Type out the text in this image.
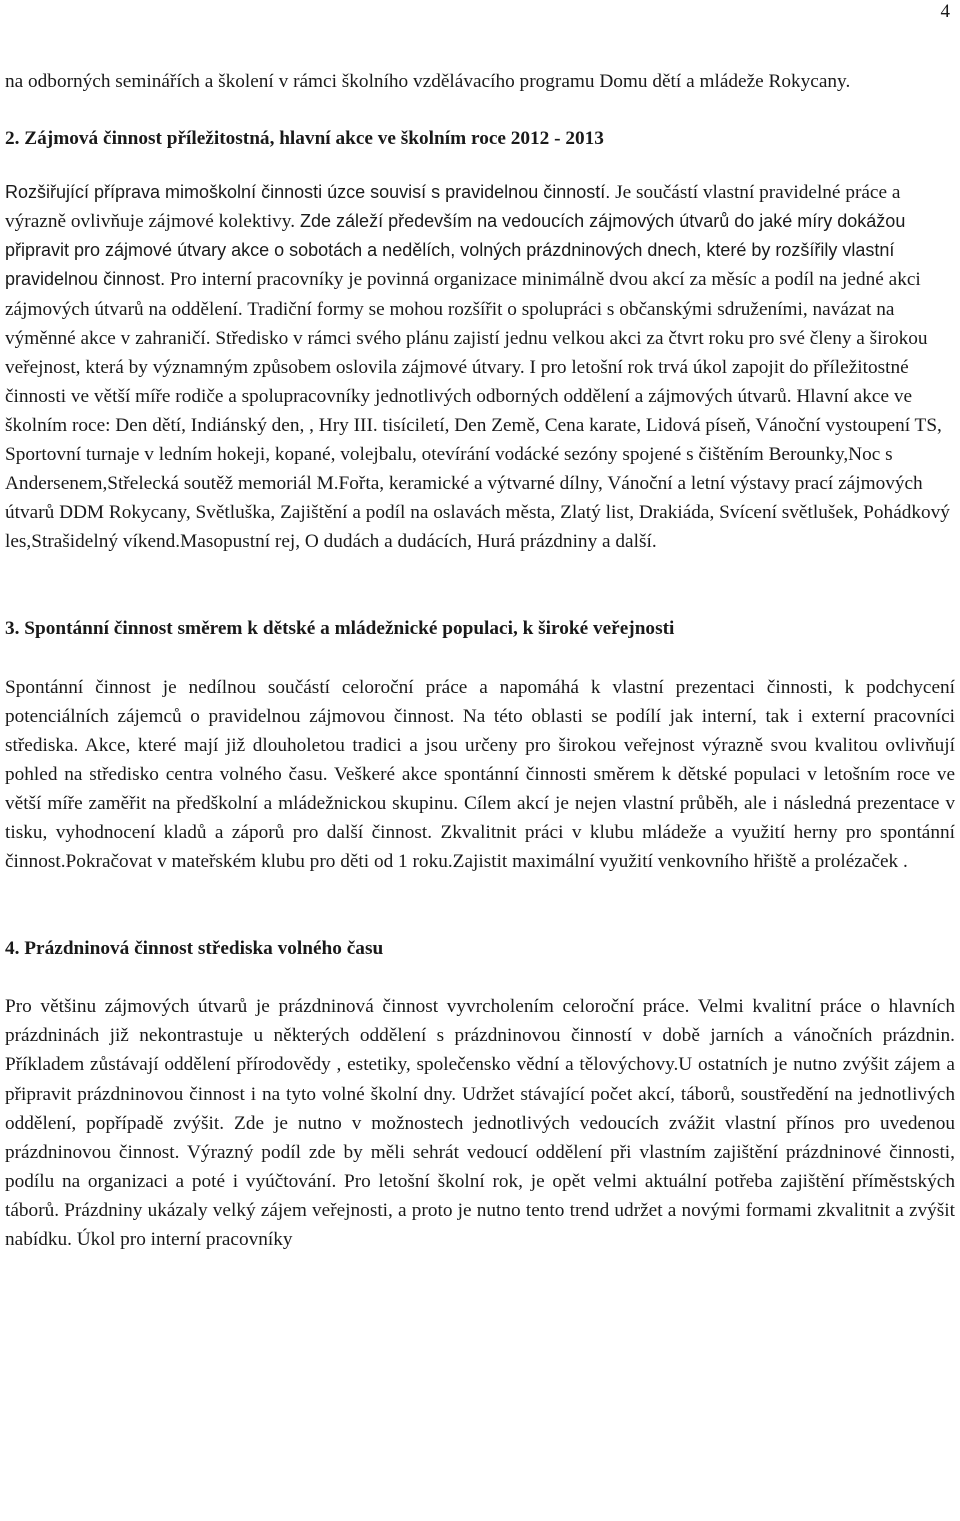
4

na odborných seminářích a školení v rámci školního vzdělávacího programu Domu dětí a mládeže Rokycany.

2. Zájmová činnost příležitostná, hlavní akce ve školním roce 2012 - 2013

Rozšiřující příprava mimoškolní činnosti úzce souvisí s pravidelnou činností. Je součástí vlastní pravidelné práce a výrazně ovlivňuje zájmové kolektivy. Zde záleží především na vedoucích zájmových útvarů do jaké míry dokážou připravit pro zájmové útvary akce o sobotách a nedělích, volných prázdninových dnech, které by rozšířily vlastní pravidelnou činnost. Pro interní pracovníky je povinná organizace minimálně dvou akcí za měsíc a podíl na jedné akci zájmových útvarů na oddělení. Tradiční formy se mohou rozšířit o spolupráci s občanskými sdruženími, navázat na výměnné akce v zahraničí. Středisko v rámci svého plánu zajistí jednu velkou akci za čtvrt roku pro své členy a širokou veřejnost, která by významným způsobem oslovila zájmové útvary. I pro letošní rok trvá úkol zapojit do příležitostné činnosti ve větší míře rodiče a spolupracovníky jednotlivých odborných oddělení a zájmových útvarů. Hlavní akce ve školním roce: Den dětí, Indiánský den, , Hry III. tisíciletí, Den Země, Cena karate, Lidová píseň, Vánoční vystoupení TS, Sportovní turnaje v ledním hokeji, kopané, volejbalu, otevírání vodácké sezóny spojené s čištěním Berounky,Noc s Andersenem,Střelecká soutěž memoriál M.Fořta, keramické a výtvarné dílny, Vánoční a letní výstavy prací zájmových útvarů DDM Rokycany, Světluška, Zajištění a podíl na oslavách města, Zlatý list, Drakiáda, Svícení světlušek, Pohádkový les,Strašidelný víkend.Masopustní rej, O dudách a dudácích, Hurá prázdniny a další.

3. Spontánní činnost směrem k dětské a mládežnické populaci, k široké veřejnosti

Spontánní činnost je nedílnou součástí celoroční práce a napomáhá k vlastní prezentaci činnosti, k podchycení potenciálních zájemců o pravidelnou zájmovou činnost. Na této oblasti se podílí jak interní, tak i externí pracovníci střediska. Akce, které mají již dlouholetou tradici a jsou určeny pro širokou veřejnost výrazně svou kvalitou ovlivňují pohled na středisko centra volného času. Veškeré akce spontánní činnosti směrem k dětské populaci v letošním roce ve větší míře zaměřit na předškolní a mládežnickou skupinu. Cílem akcí je nejen vlastní průběh, ale i následná prezentace v tisku, vyhodnocení kladů a záporů pro další činnost. Zkvalitnit práci v klubu mládeže a využití herny pro spontánní činnost.Pokračovat v mateřském klubu pro děti od 1 roku.Zajistit maximální využití venkovního hřiště a prolézaček .

4. Prázdninová činnost střediska volného času

Pro většinu zájmových útvarů je prázdninová činnost vyvrcholením celoroční práce. Velmi kvalitní práce o hlavních prázdninách již nekontrastuje u některých oddělení s prázdninovou činností v době jarních a vánočních prázdnin. Příkladem zůstávají oddělení přírodovědy , estetiky, společensko vědní a tělovýchovy.U ostatních je nutno zvýšit zájem a připravit prázdninovou činnost i na tyto volné školní dny. Udržet stávající počet akcí, táborů, soustředění na jednotlivých oddělení, popřípadě zvýšit. Zde je nutno v možnostech jednotlivých vedoucích zvážit vlastní přínos pro uvedenou prázdninovou činnost. Výrazný podíl zde by měli sehrát vedoucí oddělení při vlastním zajištění prázdninové činnosti, podílu na organizaci a poté i vyúčtování. Pro letošní školní rok, je opět velmi aktuální potřeba zajištění příměstských táborů. Prázdniny ukázaly velký zájem veřejnosti, a proto je nutno tento trend udržet a novými formami zkvalitnit a zvýšit nabídku. Úkol pro interní pracovníky
